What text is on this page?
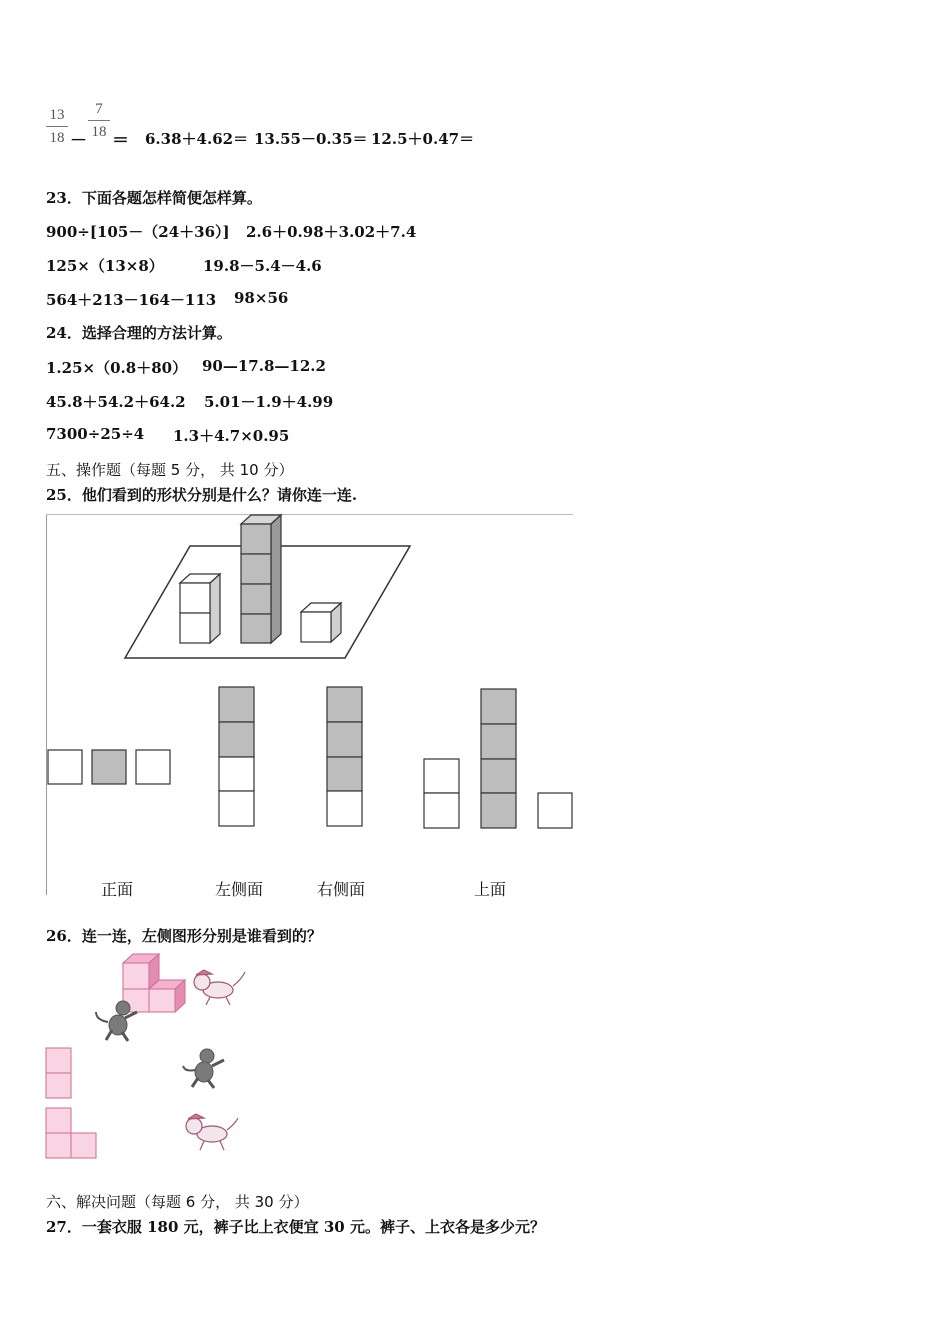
13
18 －
7
18 ＝ 6.38＋4.62＝ 13.55－0.35＝ 12.5＋0.47＝
23．下面各题怎样简便怎样算。
900÷[105－（24＋36）] 2.6＋0.98＋3.02＋7.4
125×（13×8）	19.8－5.4－4.6
564＋213－164－113 98×56
24．选择合理的方法计算。
1.25×（0.8＋80） 90—17.8—12.2
45.8＋54.2＋64.2 5.01－1.9＋4.99
7300÷25÷4 1.3＋4.7×0.95
五、操作题（每题 5 分， 共 10 分）
25．他们看到的形状分别是什么？请你连一连.
正面	左侧面	右侧面	上面
26．连一连，左侧图形分别是谁看到的？
六、解决问题（每题 6 分， 共 30 分）
27．一套衣服 180 元，裤子比上衣便宜 30 元。裤子、上衣各是多少元？
